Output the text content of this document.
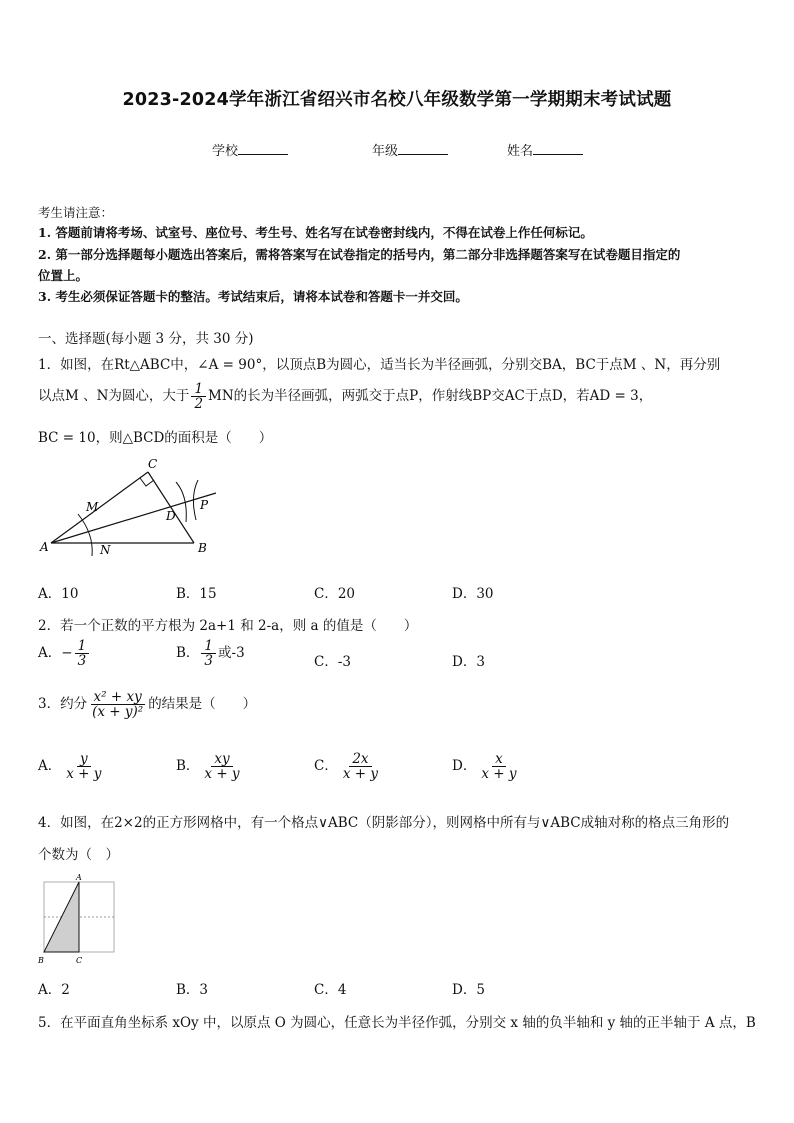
2023-2024学年浙江省绍兴市名校八年级数学第一学期期末考试试题
学校	年级	姓名
考生请注意：
1. 答题前请将考场、试室号、座位号、考生号、姓名写在试卷密封线内，不得在试卷上作任何标记。
2. 第一部分选择题每小题选出答案后，需将答案写在试卷指定的括号内，第二部分非选择题答案写在试卷题目指定的
位置上。
3. 考生必须保证答题卡的整洁。考试结束后，请将本试卷和答题卡一并交回。
一、选择题(每小题 3 分，共 30 分)
1．如图，在Rt△ABC中，∠A = 90°，以顶点B为圆心，适当长为半径画弧，分别交BA，BC于点M 、N，再分别
以点M 、N为圆心，大于 $\frac{1}{2}$ MN的长为半径画弧，两弧交于点P，作射线BP交AC于点D，若AD = 3，
BC = 10，则△BCD的面积是（　　）
C
M
D
P
A	N	B
A．10	B．15	C．20	D．30
2．若一个正数的平方根为 2a+1 和 2-a，则 a 的值是（　　）
A．− $\frac{1}{3}$	B． $\frac{1}{3}$ 或-3
C．-3	D．3
3．约分 $\frac{\text{x² + xy}}{\text{(x + y)²}}$ 的结果是（　　）
A． $\frac{y}{x + y}$	B． $\frac{xy}{x + y}$	C． $\frac{2x}{x + y}$	D． $\frac{x}{x + y}$
4．如图，在2×2的正方形网格中，有一个格点∨ABC（阴影部分），则网格中所有与∨ABC成轴对称的格点三角形的
个数为（　）
A
B	C
A．2	B．3	C．4	D．5
5．在平面直角坐标系 xOy 中，以原点 O 为圆心，任意长为半径作弧，分别交 x 轴的负半轴和 y 轴的正半轴于 A 点，B
